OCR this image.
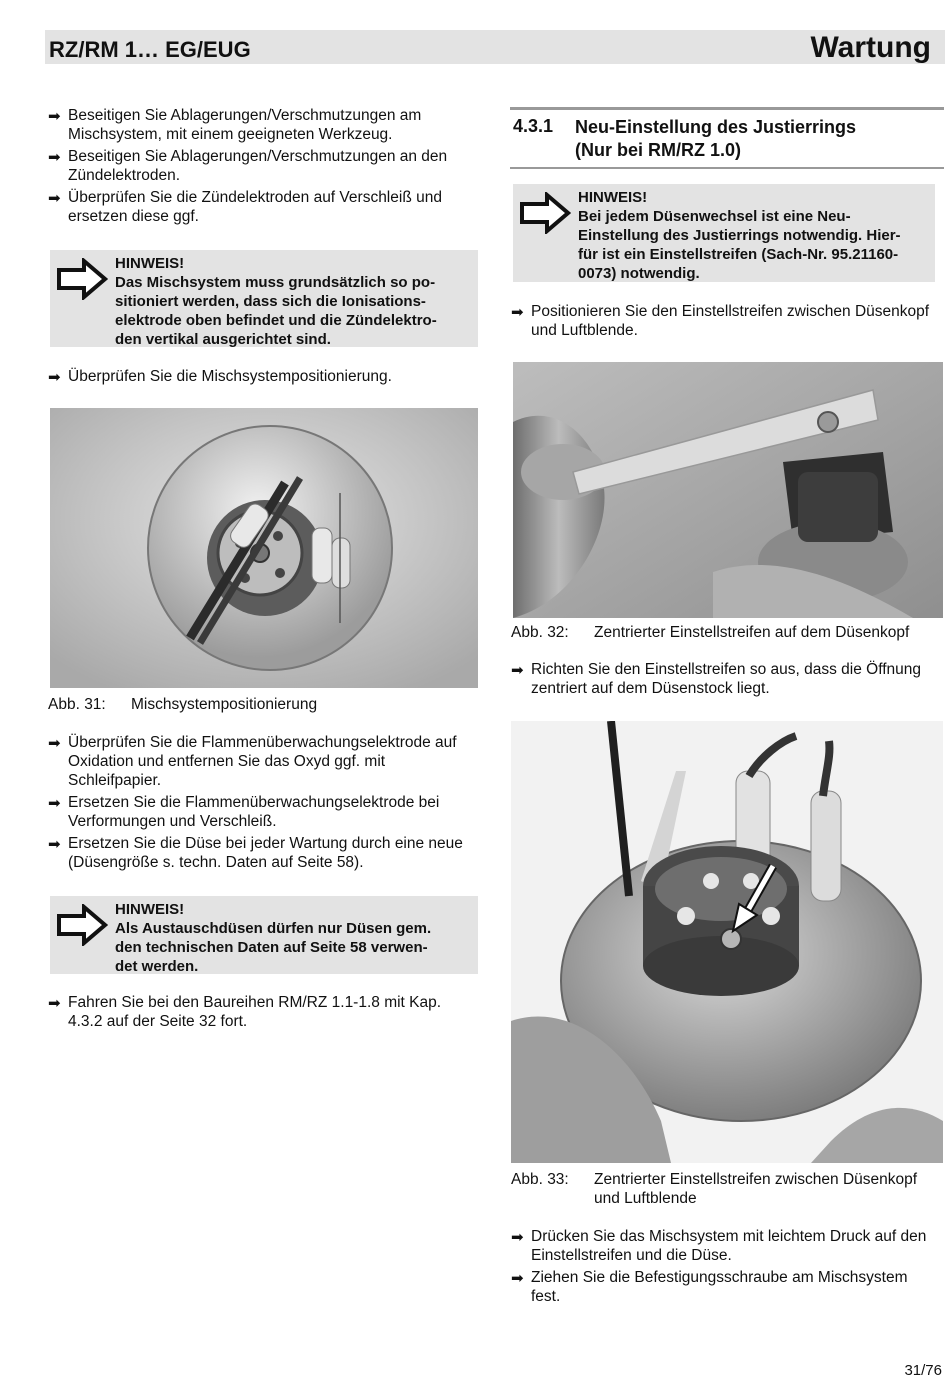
RZ/RM 1… EG/EUG	Wartung
➡ Beseitigen Sie Ablagerungen/Verschmutzungen am Mischsystem, mit einem geeigneten Werkzeug.
➡ Beseitigen Sie Ablagerungen/Verschmutzungen an den Zündelektroden.
➡ Überprüfen Sie die Zündelektroden auf Verschleiß und ersetzen diese ggf.
HINWEIS!
Das Mischsystem muss grundsätzlich so po-
sitioniert werden, dass sich die Ionisations-
elektrode oben befindet und die Zündelektro-
den vertikal ausgerichtet sind.
➡ Überprüfen Sie die Mischsystempositionierung.
Abb. 31: Mischsystempositionierung
➡ Überprüfen Sie die Flammenüberwachungselektrode auf Oxidation und entfernen Sie das Oxyd ggf. mit Schleifpapier.
➡ Ersetzen Sie die Flammenüberwachungselektrode bei Verformungen und Verschleiß.
➡ Ersetzen Sie die Düse bei jeder Wartung durch eine neue (Düsengröße s. techn. Daten auf Seite 58).
HINWEIS!
Als Austauschdüsen dürfen nur Düsen gem.
den technischen Daten auf Seite 58 verwen-
det werden.
➡ Fahren Sie bei den Baureihen RM/RZ 1.1-1.8 mit Kap. 4.3.2 auf der Seite 32 fort.
4.3.1 Neu-Einstellung des Justierrings
(Nur bei RM/RZ 1.0)
HINWEIS!
Bei jedem Düsenwechsel ist eine Neu-
Einstellung des Justierrings notwendig. Hier-
für ist ein Einstellstreifen (Sach-Nr. 95.21160-
0073) notwendig.
➡ Positionieren Sie den Einstellstreifen zwischen Düsenkopf und Luftblende.
Abb. 32: Zentrierter Einstellstreifen auf dem Düsenkopf
➡ Richten Sie den Einstellstreifen so aus, dass die Öffnung zentriert auf dem Düsenstock liegt.
Abb. 33: Zentrierter Einstellstreifen zwischen Düsenkopf
und Luftblende
➡ Drücken Sie das Mischsystem mit leichtem Druck auf den Einstellstreifen und die Düse.
➡ Ziehen Sie die Befestigungsschraube am Mischsystem fest.
31/76
